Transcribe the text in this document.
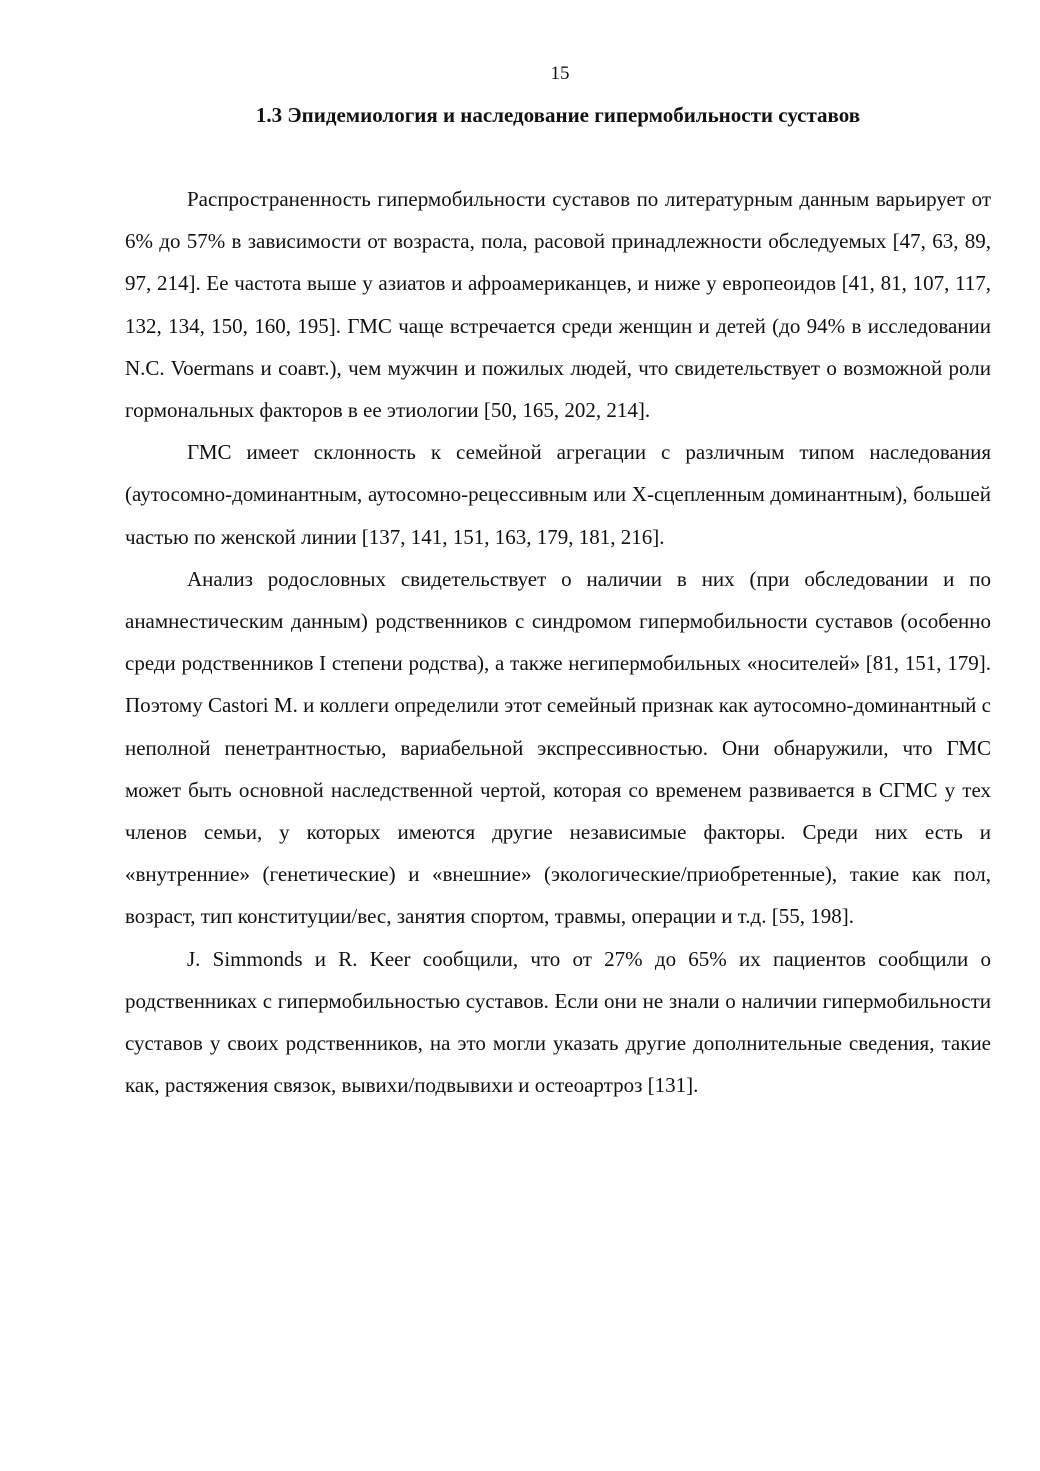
15
1.3 Эпидемиология и наследование гипермобильности суставов

Распространенность гипермобильности суставов по литературным данным варьирует от 6% до 57% в зависимости от возраста, пола, расовой принадлежности обследуемых [47, 63, 89, 97, 214]. Ее частота выше у азиатов и афроамериканцев, и ниже у европеоидов [41, 81, 107, 117, 132, 134, 150, 160, 195]. ГМС чаще встречается среди женщин и детей (до 94% в исследовании N.C. Voermans и соавт.), чем мужчин и пожилых людей, что свидетельствует о возможной роли гормональных факторов в ее этиологии [50, 165, 202, 214].

ГМС имеет склонность к семейной агрегации с различным типом наследования (аутосомно-доминантным, аутосомно-рецессивным или X-сцепленным доминантным), большей частью по женской линии [137, 141, 151, 163, 179, 181, 216].

Анализ родословных свидетельствует о наличии в них (при обследовании и по анамнестическим данным) родственников с синдромом гипермобильности суставов (особенно среди родственников I степени родства), а также негипермобильных «носителей» [81, 151, 179]. Поэтому Castori M. и коллеги определили этот семейный признак как аутосомно-доминантный с неполной пенетрантностью, вариабельной экспрессивностью. Они обнаружили, что ГМС может быть основной наследственной чертой, которая со временем развивается в СГМС у тех членов семьи, у которых имеются другие независимые факторы. Среди них есть и «внутренние» (генетические) и «внешние» (экологические/приобретенные), такие как пол, возраст, тип конституции/вес, занятия спортом, травмы, операции и т.д. [55, 198].

J. Simmonds и R. Keer сообщили, что от 27% до 65% их пациентов сообщили о родственниках с гипермобильностью суставов. Если они не знали о наличии гипермобильности суставов у своих родственников, на это могли указать другие дополнительные сведения, такие как, растяжения связок, вывихи/подвывихи и остеоартроз [131].
